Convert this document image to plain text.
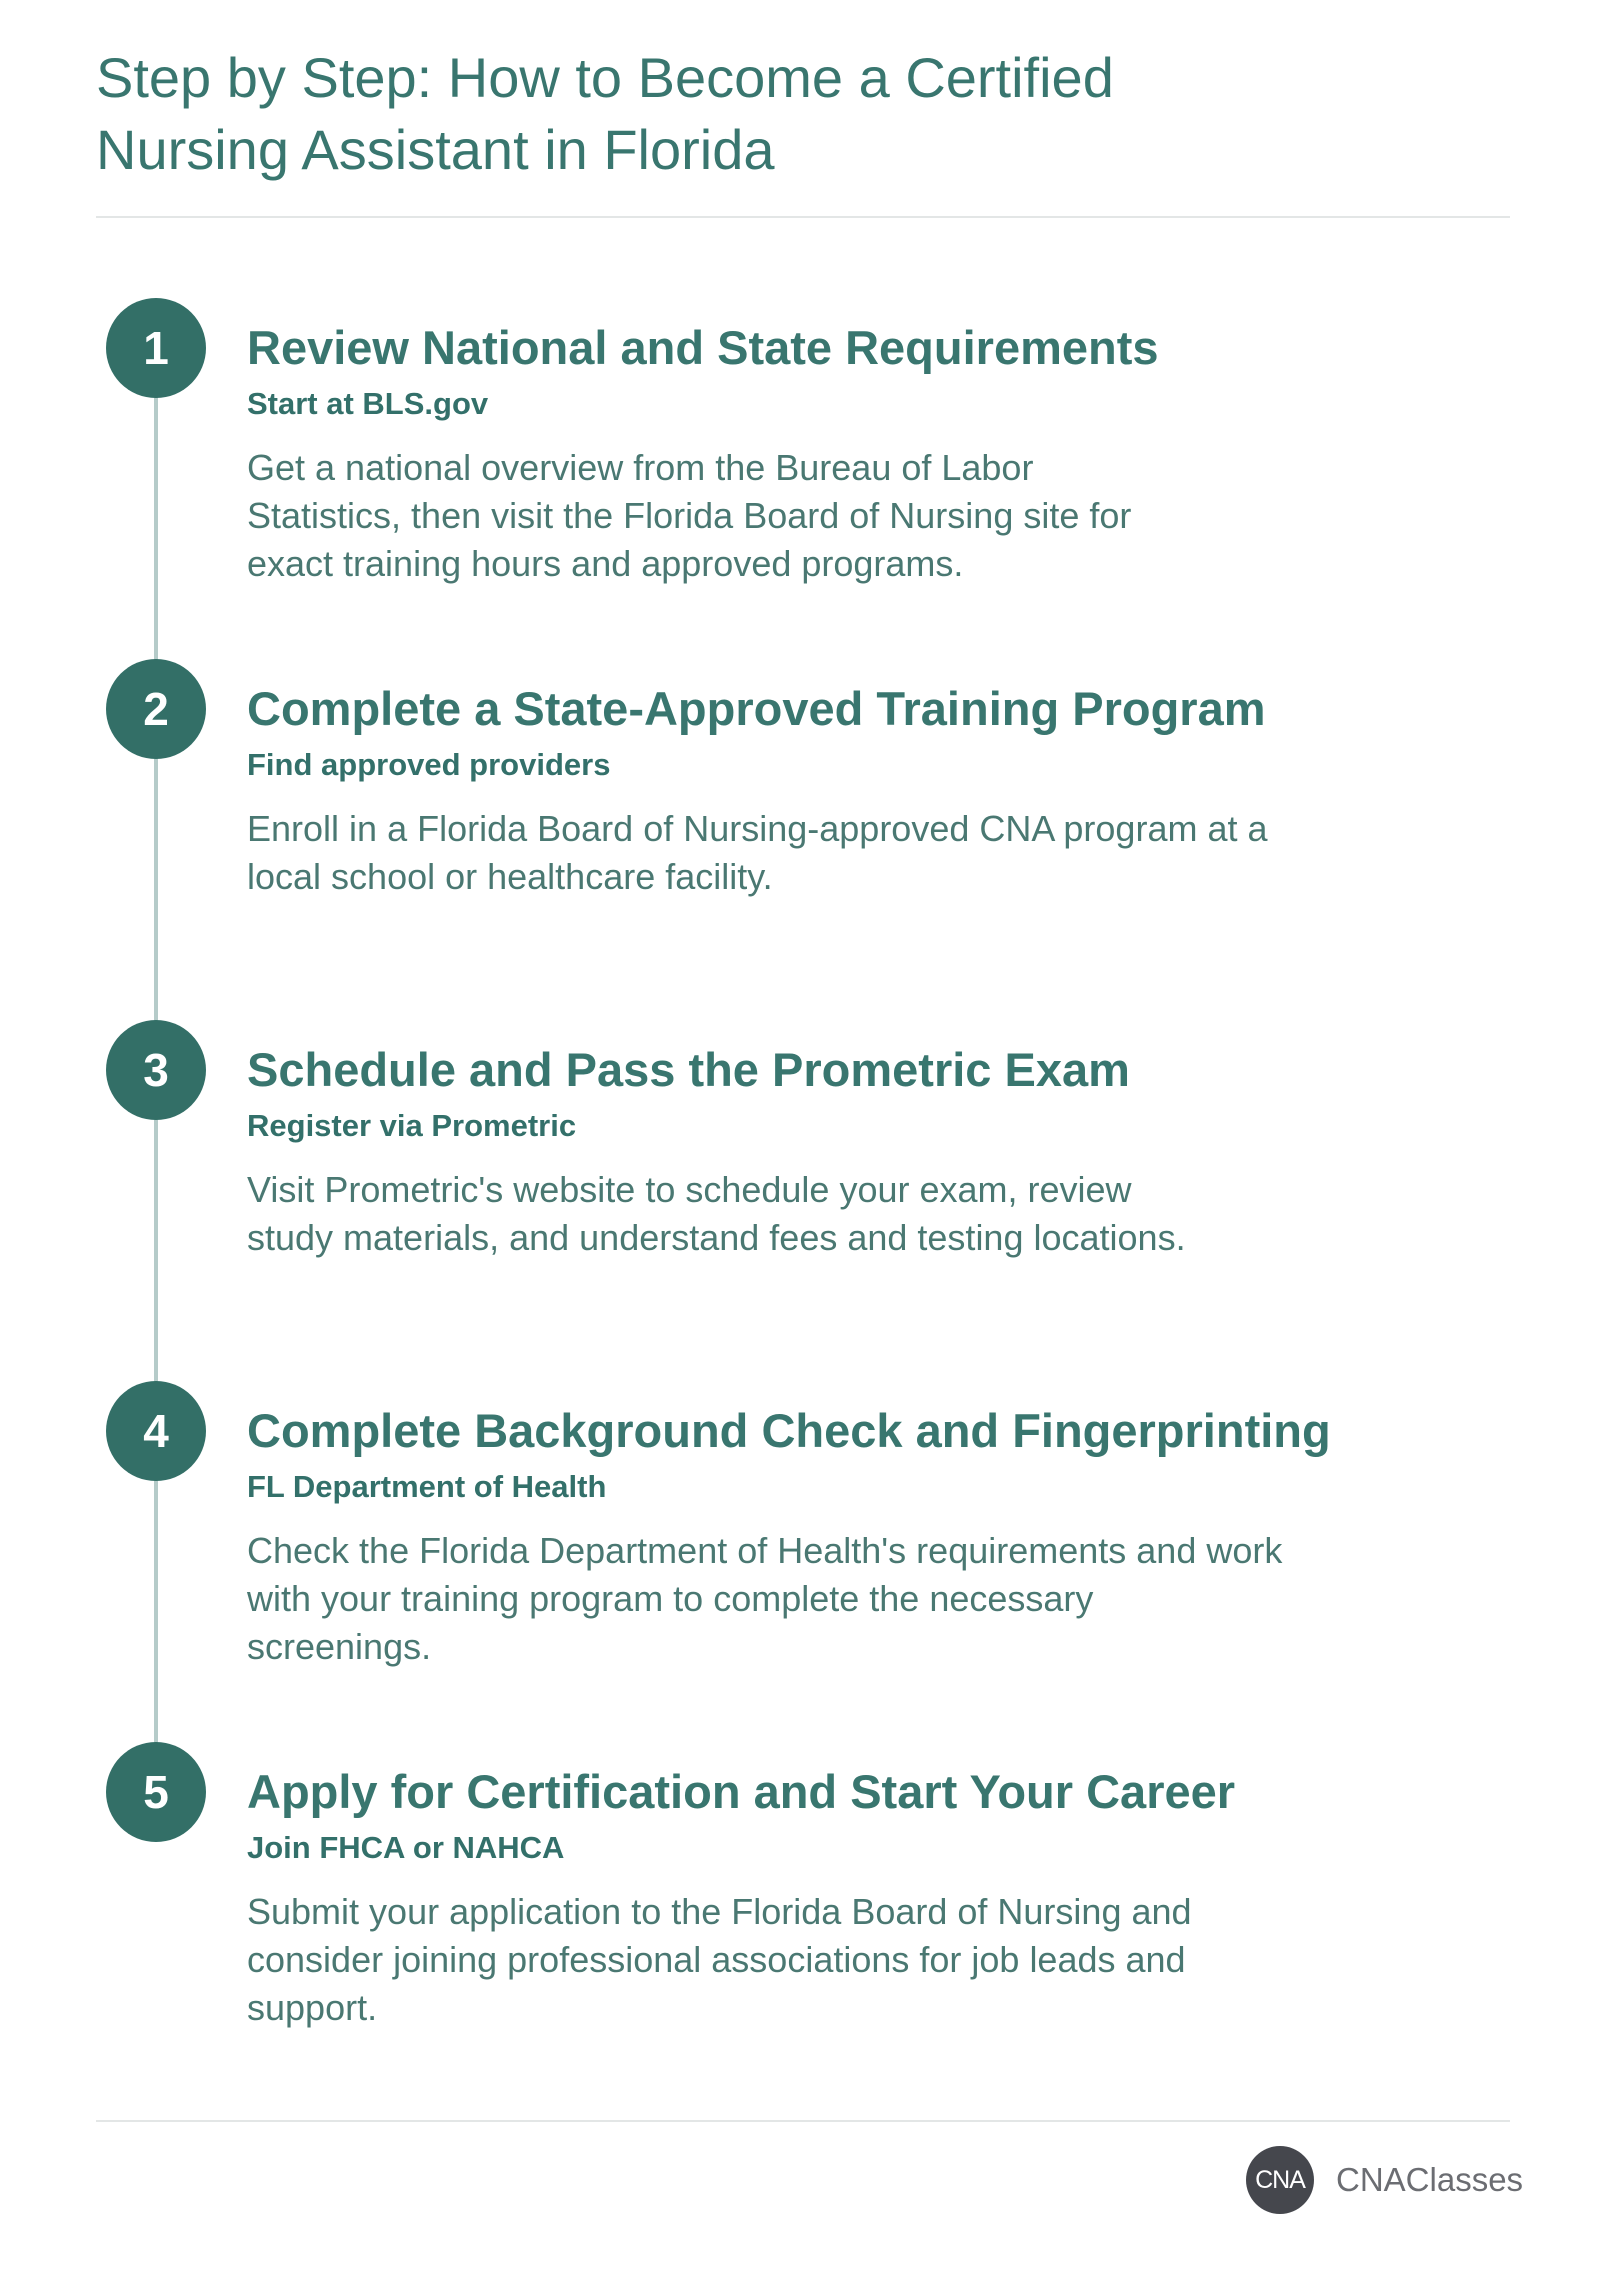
Step by Step: How to Become a Certified Nursing Assistant in Florida
1	Review National and State Requirements
Start at BLS.gov

Get a national overview from the Bureau of Labor Statistics, then visit the Florida Board of Nursing site for exact training hours and approved programs.

2	Complete a State-Approved Training Program
Find approved providers

Enroll in a Florida Board of Nursing-approved CNA program at a local school or healthcare facility.

3	Schedule and Pass the Prometric Exam
Register via Prometric

Visit Prometric's website to schedule your exam, review study materials, and understand fees and testing locations.

4	Complete Background Check and Fingerprinting
FL Department of Health

Check the Florida Department of Health's requirements and work with your training program to complete the necessary screenings.

5	Apply for Certification and Start Your Career
Join FHCA or NAHCA

Submit your application to the Florida Board of Nursing and consider joining professional associations for job leads and support.

CNA CNAClasses
